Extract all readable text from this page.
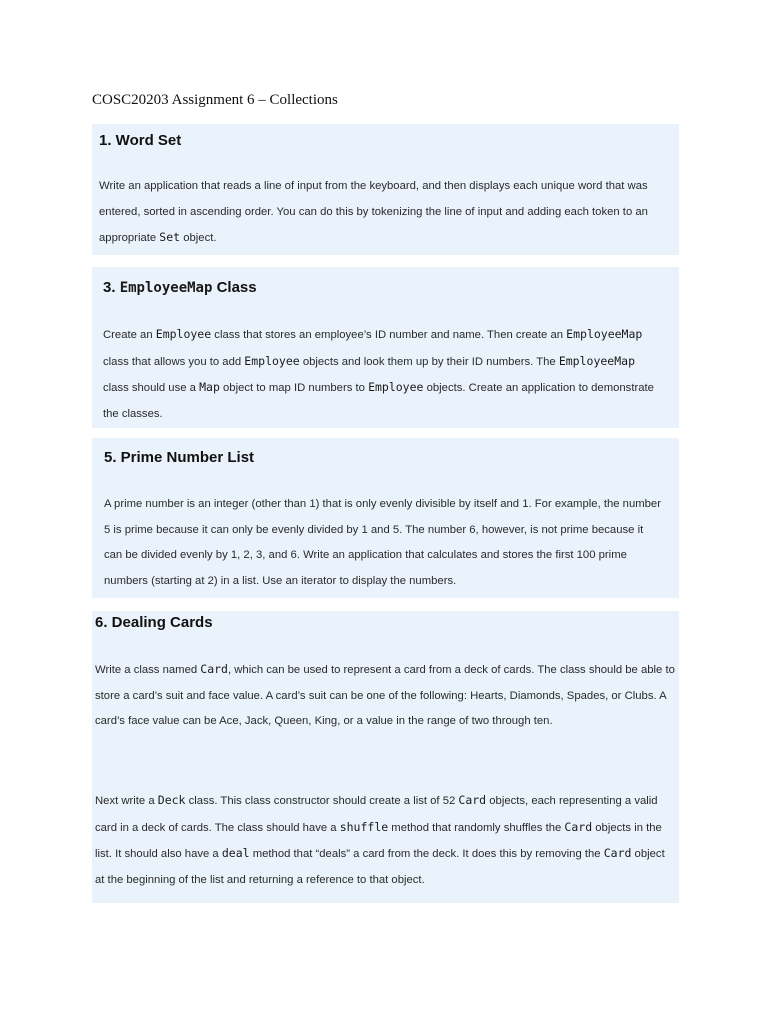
COSC20203 Assignment 6 – Collections
1. Word Set

Write an application that reads a line of input from the keyboard, and then displays each unique word that was entered, sorted in ascending order. You can do this by tokenizing the line of input and adding each token to an appropriate Set object.

3. EmployeeMap Class

Create an Employee class that stores an employee’s ID number and name. Then create an EmployeeMap class that allows you to add Employee objects and look them up by their ID numbers. The EmployeeMap class should use a Map object to map ID numbers to Employee objects. Create an application to demonstrate the classes.

5. Prime Number List

A prime number is an integer (other than 1) that is only evenly divisible by itself and 1. For example, the number 5 is prime because it can only be evenly divided by 1 and 5. The number 6, however, is not prime because it can be divided evenly by 1, 2, 3, and 6. Write an application that calculates and stores the first 100 prime numbers (starting at 2) in a list. Use an iterator to display the numbers.

6. Dealing Cards

Write a class named Card, which can be used to represent a card from a deck of cards. The class should be able to store a card’s suit and face value. A card’s suit can be one of the following: Hearts, Diamonds, Spades, or Clubs. A card’s face value can be Ace, Jack, Queen, King, or a value in the range of two through ten.

Next write a Deck class. This class constructor should create a list of 52 Card objects, each representing a valid card in a deck of cards. The class should have a shuffle method that randomly shuffles the Card objects in the list. It should also have a deal method that “deals” a card from the deck. It does this by removing the Card object at the beginning of the list and returning a reference to that object.
